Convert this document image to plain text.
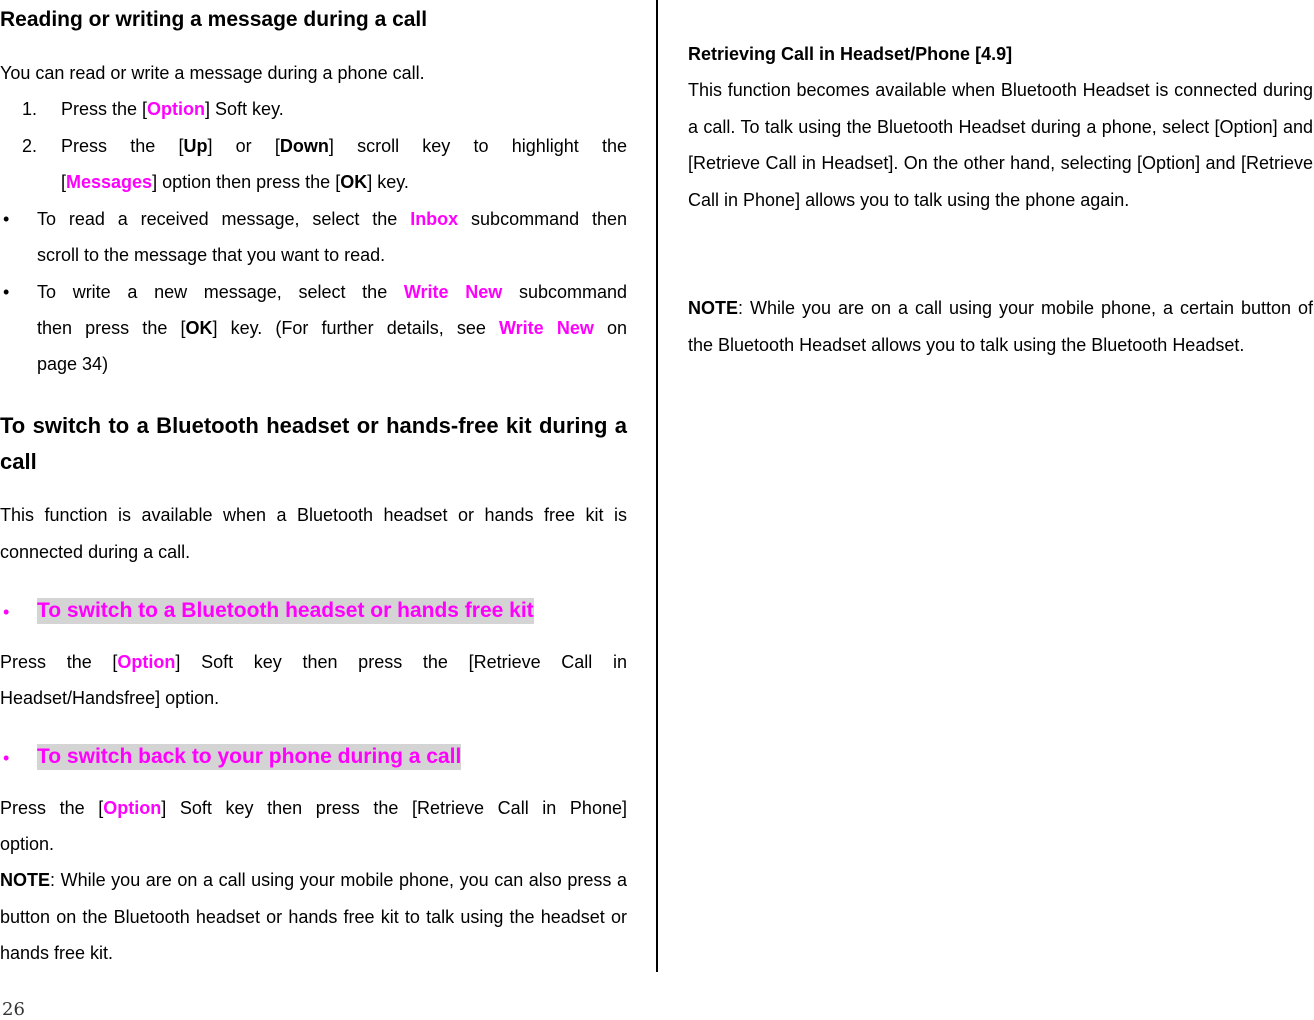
Reading or writing a message during a call
You can read or write a message during a phone call.
1. Press the [Option] Soft key.
2. Press the [Up] or [Down] scroll key to highlight the
[Messages] option then press the [OK] key.
• To read a received message, select the Inbox subcommand then
scroll to the message that you want to read.
• To write a new message, select the Write New subcommand
then press the [OK] key. (For further details, see Write New on
page 34)
To switch to a Bluetooth headset or hands-free kit during a call
This function is available when a Bluetooth headset or hands free kit is connected during a call.
• To switch to a Bluetooth headset or hands free kit
Press the [Option] Soft key then press the [Retrieve Call in
Headset/Handsfree] option.
• To switch back to your phone during a call
Press the [Option] Soft key then press the [Retrieve Call in Phone]
option.
NOTE: While you are on a call using your mobile phone, you can also press a button on the Bluetooth headset or hands free kit to talk using the headset or hands free kit.
Retrieving Call in Headset/Phone [4.9]
This function becomes available when Bluetooth Headset is connected during a call. To talk using the Bluetooth Headset during a phone, select [Option] and [Retrieve Call in Headset]. On the other hand, selecting [Option] and [Retrieve Call in Phone] allows you to talk using the phone again.
NOTE: While you are on a call using your mobile phone, a certain button of the Bluetooth Headset allows you to talk using the Bluetooth Headset.
26
